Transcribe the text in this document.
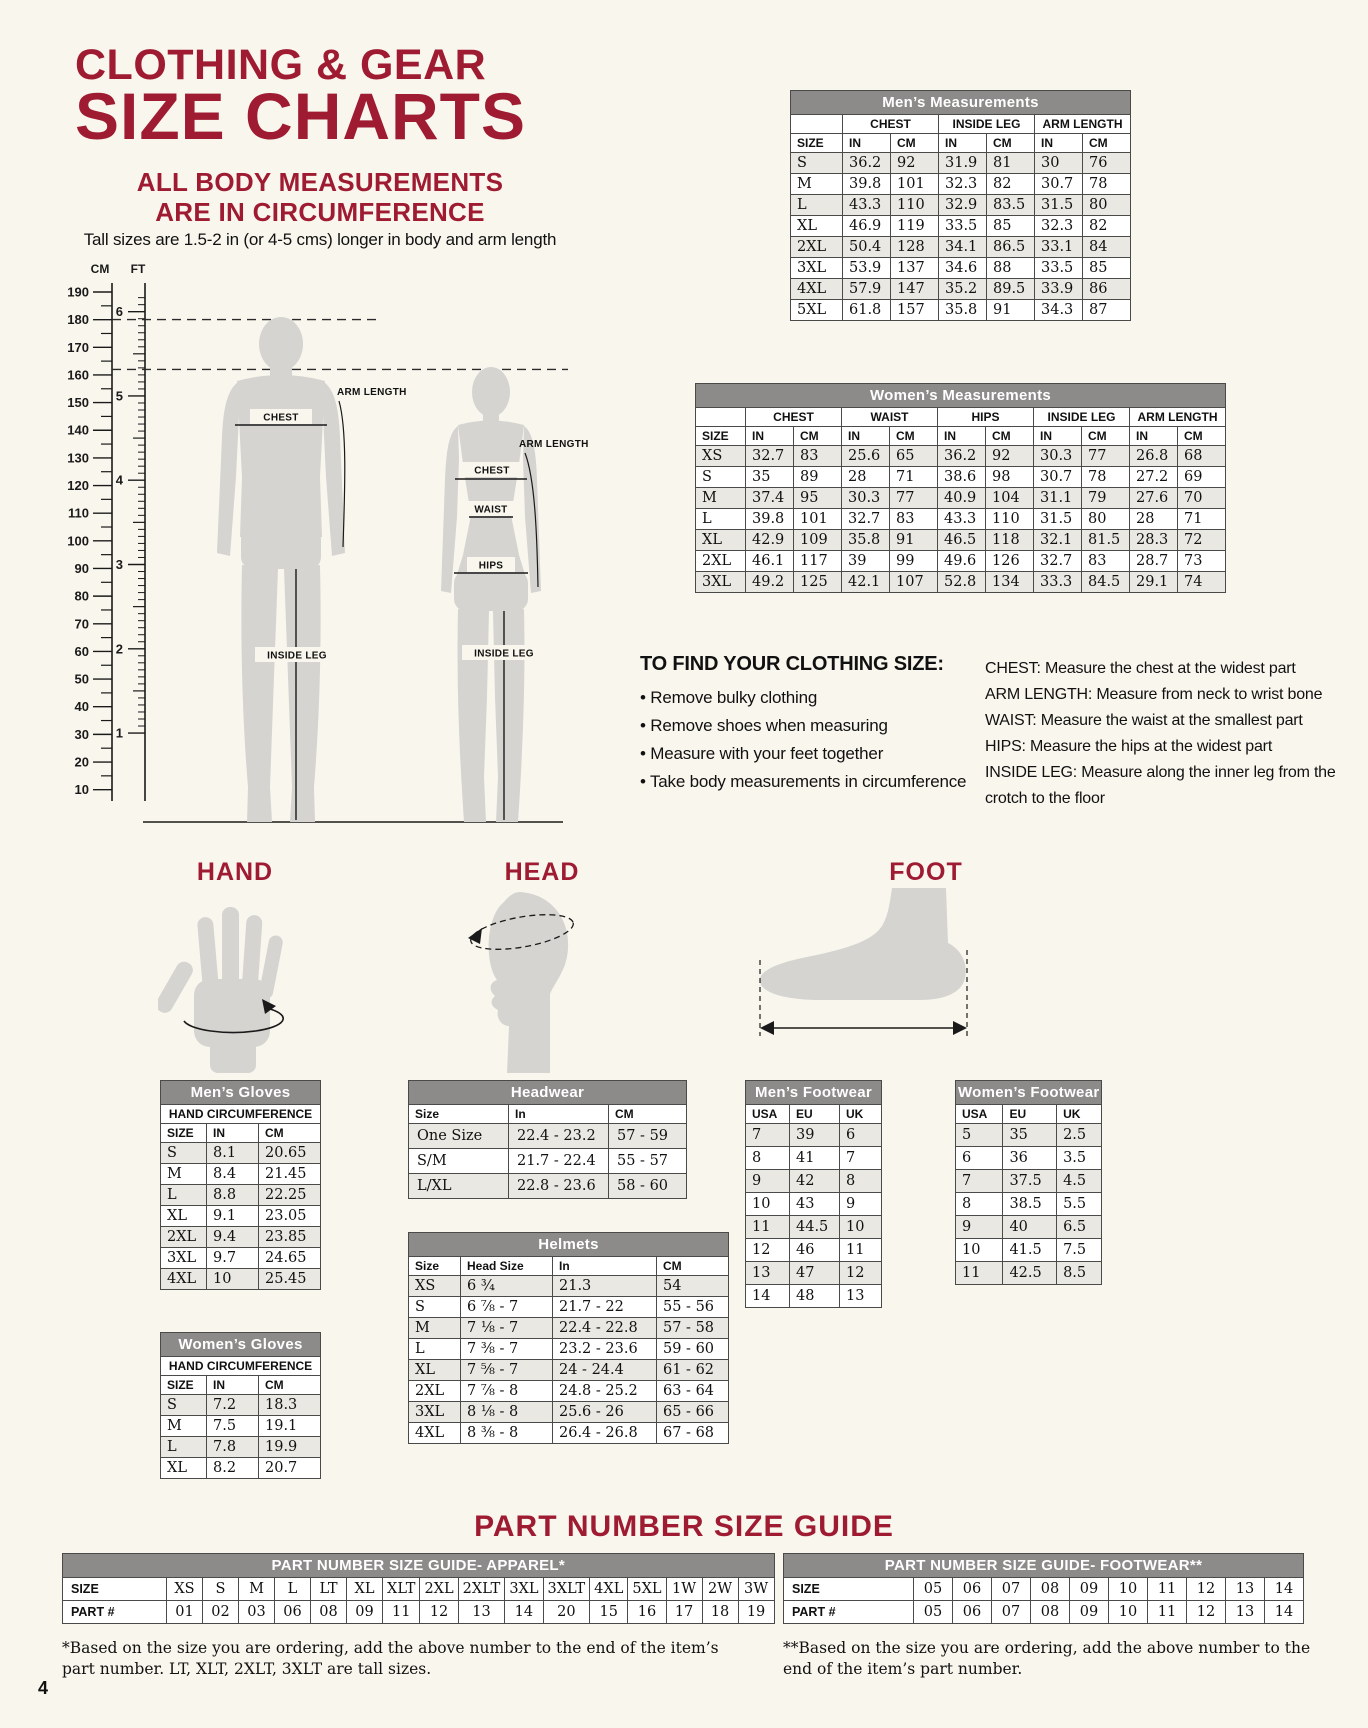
CLOTHING & GEAR
SIZE CHARTS
ALL BODY MEASUREMENTS
ARE IN CIRCUMFERENCE
Tall sizes are 1.5-2 in (or 4-5 cms) longer in body and arm length
CM FT
190
180
170
160
150
140
130
120
110
100
90
80
70
60
50
40
30
20
10
6
5
4
3
2
1
ARM LENGTH
CHEST
INSIDE LEG
ARM LENGTH
CHEST
WAIST
HIPS
INSIDE LEG
Men’s Measurements						
	CHEST		INSIDE LEG		ARM LENGTH	
SIZE	IN	CM	IN	CM	IN	CM
S	36.2	92	31.9	81	30	76
M	39.8	101	32.3	82	30.7	78
L	43.3	110	32.9	83.5	31.5	80
XL	46.9	119	33.5	85	32.3	82
2XL	50.4	128	34.1	86.5	33.1	84
3XL	53.9	137	34.6	88	33.5	85
4XL	57.9	147	35.2	89.5	33.9	86
5XL	61.8	157	35.8	91	34.3	87
Women’s Measurements										
	CHEST		WAIST		HIPS		INSIDE LEG		ARM LENGTH	
SIZE	IN	CM	IN	CM	IN	CM	IN	CM	IN	CM
XS	32.7	83	25.6	65	36.2	92	30.3	77	26.8	68
S	35	89	28	71	38.6	98	30.7	78	27.2	69
M	37.4	95	30.3	77	40.9	104	31.1	79	27.6	70
L	39.8	101	32.7	83	43.3	110	31.5	80	28	71
XL	42.9	109	35.8	91	46.5	118	32.1	81.5	28.3	72
2XL	46.1	117	39	99	49.6	126	32.7	83	28.7	73
3XL	49.2	125	42.1	107	52.8	134	33.3	84.5	29.1	74
TO FIND YOUR CLOTHING SIZE:
• Remove bulky clothing
• Remove shoes when measuring
• Measure with your feet together
• Take body measurements in circumference
CHEST: Measure the chest at the widest part
ARM LENGTH: Measure from neck to wrist bone
WAIST: Measure the waist at the smallest part
HIPS: Measure the hips at the widest part
INSIDE LEG: Measure along the inner leg from the crotch to the floor
HAND	HEAD	FOOT
Men’s Gloves		
HAND CIRCUMFERENCE		
SIZE	IN	CM
S	8.1	20.65
M	8.4	21.45
L	8.8	22.25
XL	9.1	23.05
2XL	9.4	23.85
3XL	9.7	24.65
4XL	10	25.45
Women’s Gloves		
HAND CIRCUMFERENCE		
SIZE	IN	CM
S	7.2	18.3
M	7.5	19.1
L	7.8	19.9
XL	8.2	20.7
Headwear		
Size	In	CM
One Size	22.4 - 23.2	57 - 59
S/M	21.7 - 22.4	55 - 57
L/XL	22.8 - 23.6	58 - 60
Helmets			
Size	Head Size	In	CM
XS	6 ¾	21.3	54
S	6 ⅞ - 7	21.7 - 22	55 - 56
M	7 ⅛ - 7	22.4 - 22.8	57 - 58
L	7 ⅜ - 7	23.2 - 23.6	59 - 60
XL	7 ⅝ - 7	24 - 24.4	61 - 62
2XL	7 ⅞ - 8	24.8 - 25.2	63 - 64
3XL	8 ⅛ - 8	25.6 - 26	65 - 66
4XL	8 ⅜ - 8	26.4 - 26.8	67 - 68
Men’s Footwear		
USA	EU	UK
7	39	6
8	41	7
9	42	8
10	43	9
11	44.5	10
12	46	11
13	47	12
14	48	13
Women’s Footwear		
USA	EU	UK
5	35	2.5
6	36	3.5
7	37.5	4.5
8	38.5	5.5
9	40	6.5
10	41.5	7.5
11	42.5	8.5
PART NUMBER SIZE GUIDE
PART NUMBER SIZE GUIDE- APPAREL*																
SIZE	XS	S	M	L	LT	XL	XLT	2XL	2XLT	3XL	3XLT	4XL	5XL	1W	2W	3W
PART #	01	02	03	06	08	09	11	12	13	14	20	15	16	17	18	19
PART NUMBER SIZE GUIDE- FOOTWEAR**										
SIZE	05	06	07	08	09	10	11	12	13	14
PART #	05	06	07	08	09	10	11	12	13	14
*Based on the size you are ordering, add the above number to the end of the item’s part number. LT, XLT, 2XLT, 3XLT are tall sizes.
**Based on the size you are ordering, add the above number to the end of the item’s part number.
4
